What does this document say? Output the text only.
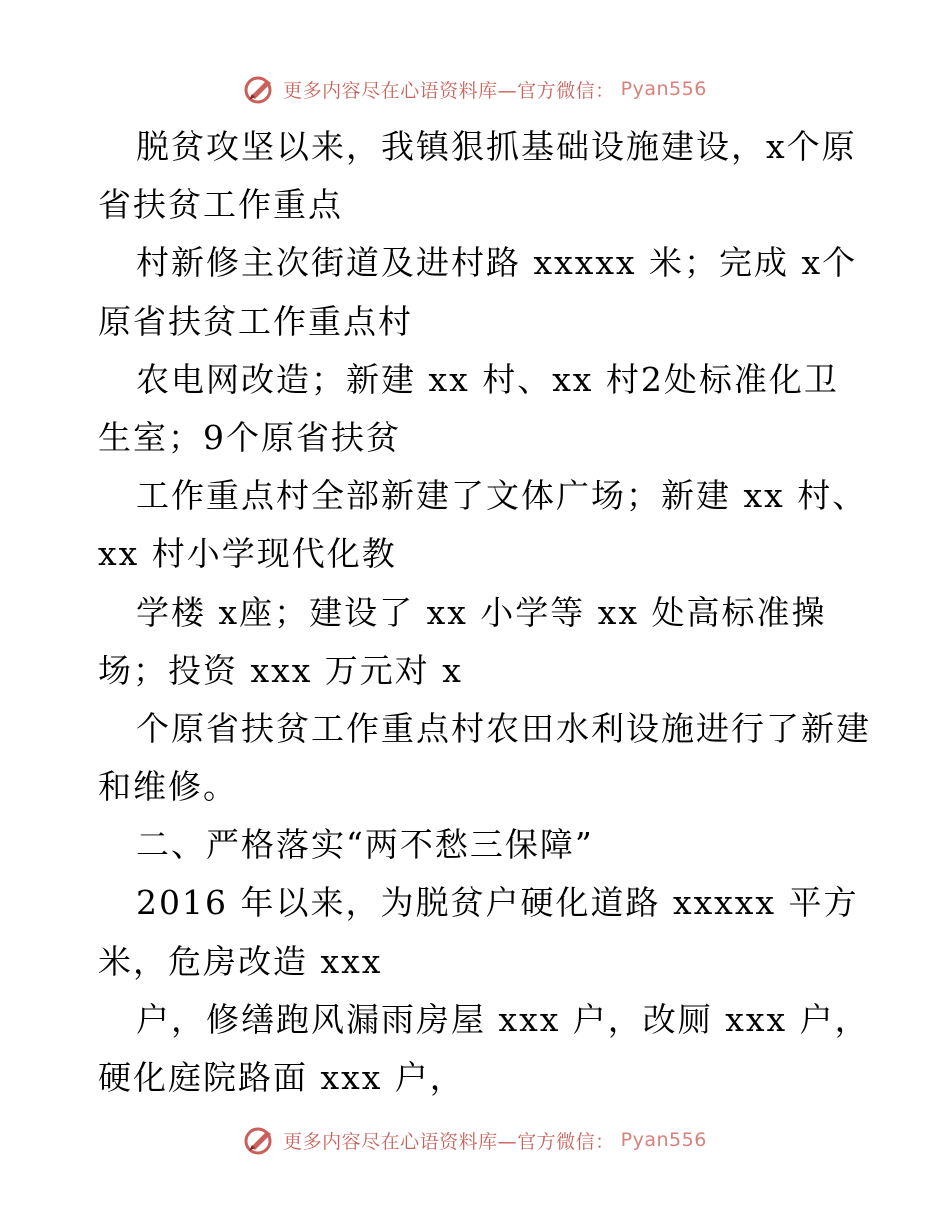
更多内容尽在心语资料库—官方微信： Pyan556
脱贫攻坚以来，我镇狠抓基础设施建设，x个原
省扶贫工作重点
村新修主次街道及进村路 xxxxx 米；完成 x个
原省扶贫工作重点村
农电网改造；新建 xx 村、xx 村2处标准化卫
生室；9个原省扶贫
工作重点村全部新建了文体广场；新建 xx 村、
xx 村小学现代化教
学楼 x座；建设了 xx 小学等 xx 处高标准操
场；投资 xxx 万元对 x
个原省扶贫工作重点村农田水利设施进行了新建
和维修。
二、严格落实“两不愁三保障”
2016 年以来，为脱贫户硬化道路 xxxxx 平方
米，危房改造 xxx
户，修缮跑风漏雨房屋 xxx 户，改厕 xxx 户，
硬化庭院路面 xxx 户，
更多内容尽在心语资料库—官方微信： Pyan556
